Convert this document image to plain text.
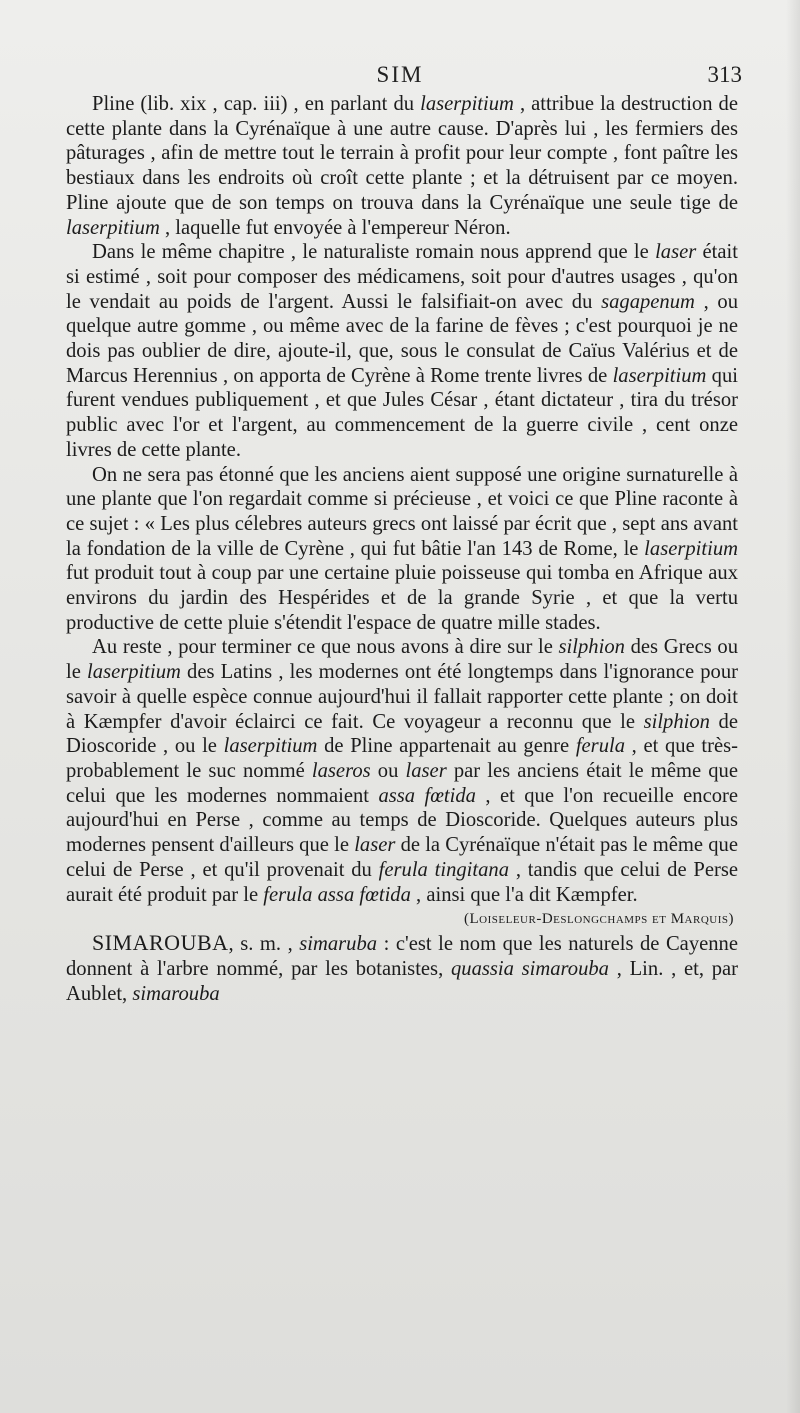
SIM	313

Pline (lib. xix , cap. iii) , en parlant du laserpitium , attribue la destruction de cette plante dans la Cyrénaïque à une autre cause. D'après lui , les fermiers des pâturages , afin de mettre tout le terrain à profit pour leur compte , font paître les bestiaux dans les endroits où croît cette plante ; et la détruisent par ce moyen. Pline ajoute que de son temps on trouva dans la Cyrénaïque une seule tige de laserpitium , laquelle fut envoyée à l'empereur Néron.

Dans le même chapitre , le naturaliste romain nous apprend que le laser était si estimé , soit pour composer des médicamens, soit pour d'autres usages , qu'on le vendait au poids de l'argent. Aussi le falsifiait-on avec du sagapenum , ou quelque autre gomme , ou même avec de la farine de fèves ; c'est pourquoi je ne dois pas oublier de dire, ajoute-il, que, sous le consulat de Caïus Valérius et de Marcus Herennius , on apporta de Cyrène à Rome trente livres de laserpitium qui furent vendues publiquement , et que Jules César , étant dictateur , tira du trésor public avec l'or et l'argent, au commencement de la guerre civile , cent onze livres de cette plante.

On ne sera pas étonné que les anciens aient supposé une origine surnaturelle à une plante que l'on regardait comme si précieuse , et voici ce que Pline raconte à ce sujet : « Les plus célebres auteurs grecs ont laissé par écrit que , sept ans avant la fondation de la ville de Cyrène , qui fut bâtie l'an 143 de Rome, le laserpitium fut produit tout à coup par une certaine pluie poisseuse qui tomba en Afrique aux environs du jardin des Hespérides et de la grande Syrie , et que la vertu productive de cette pluie s'étendit l'espace de quatre mille stades.

Au reste , pour terminer ce que nous avons à dire sur le silphion des Grecs ou le laserpitium des Latins , les modernes ont été longtemps dans l'ignorance pour savoir à quelle espèce connue aujourd'hui il fallait rapporter cette plante ; on doit à Kæmpfer d'avoir éclairci ce fait. Ce voyageur a reconnu que le silphion de Dioscoride , ou le laserpitium de Pline appartenait au genre ferula , et que très-probablement le suc nommé laseros ou laser par les anciens était le même que celui que les modernes nommaient assa fœtida , et que l'on recueille encore aujourd'hui en Perse , comme au temps de Dioscoride. Quelques auteurs plus modernes pensent d'ailleurs que le laser de la Cyrénaïque n'était pas le même que celui de Perse , et qu'il provenait du ferula tingitana , tandis que celui de Perse aurait été produit par le ferula assa fœtida , ainsi que l'a dit Kæmpfer.

(Loiseleur-Deslongchamps et Marquis)

SIMAROUBA, s. m. , simaruba : c'est le nom que les naturels de Cayenne donnent à l'arbre nommé, par les botanistes, quassia simarouba , Lin. , et, par Aublet, simarouba
